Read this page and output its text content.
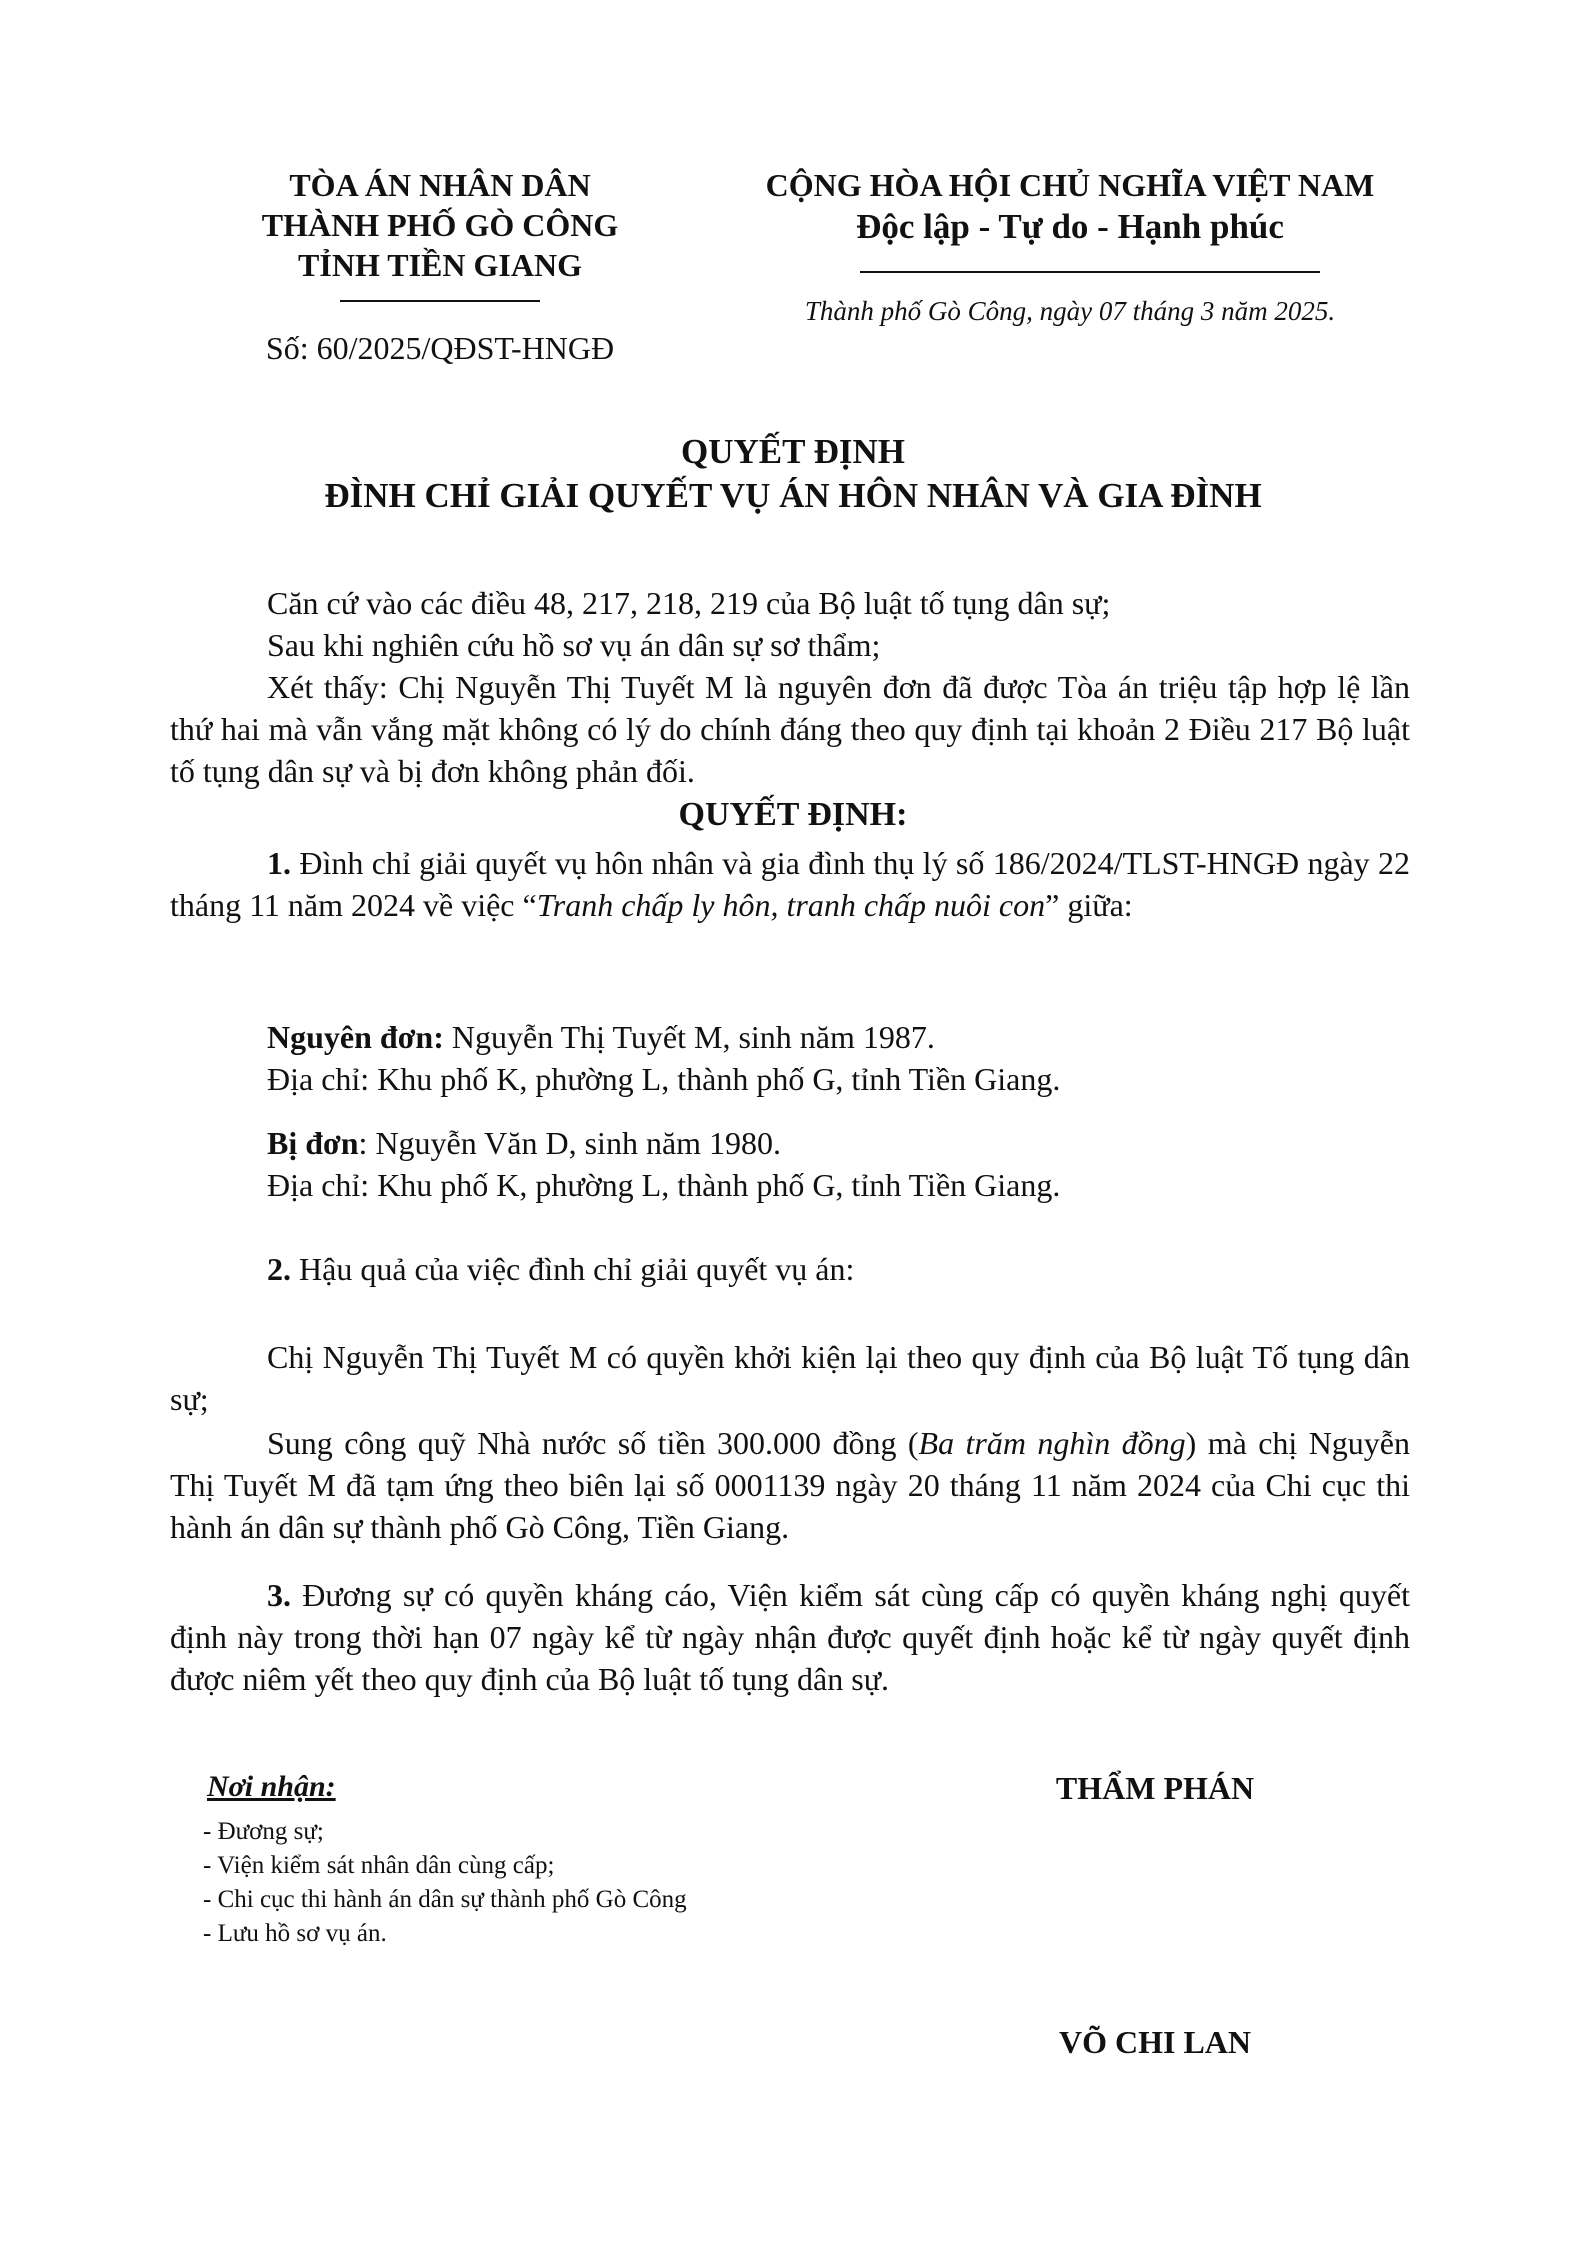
TÒA ÁN NHÂN DÂN
THÀNH PHỐ GÒ CÔNG
TỈNH TIỀN GIANG
Số: 60/2025/QĐST-HNGĐ
CỘNG HÒA HỘI CHỦ NGHĨA VIỆT NAM
Độc lập - Tự do - Hạnh phúc
Thành phố Gò Công, ngày 07 tháng 3 năm 2025.
QUYẾT ĐỊNH
ĐÌNH CHỈ GIẢI QUYẾT VỤ ÁN HÔN NHÂN VÀ GIA ĐÌNH

Căn cứ vào các điều 48, 217, 218, 219 của Bộ luật tố tụng dân sự;

Sau khi nghiên cứu hồ sơ vụ án dân sự sơ thẩm;

Xét thấy: Chị Nguyễn Thị Tuyết M là nguyên đơn đã được Tòa án triệu tập hợp lệ lần thứ hai mà vẫn vắng mặt không có lý do chính đáng theo quy định tại khoản 2 Điều 217 Bộ luật tố tụng dân sự và bị đơn không phản đối.

QUYẾT ĐỊNH:

1. Đình chỉ giải quyết vụ hôn nhân và gia đình thụ lý số 186/2024/TLST-HNGĐ ngày 22 tháng 11 năm 2024 về việc “Tranh chấp ly hôn, tranh chấp nuôi con” giữa:

Nguyên đơn: Nguyễn Thị Tuyết M, sinh năm 1987.

Địa chỉ: Khu phố K, phường L, thành phố G, tỉnh Tiền Giang.

Bị đơn: Nguyễn Văn D, sinh năm 1980.

Địa chỉ: Khu phố K, phường L, thành phố G, tỉnh Tiền Giang.

2. Hậu quả của việc đình chỉ giải quyết vụ án:

Chị Nguyễn Thị Tuyết M có quyền khởi kiện lại theo quy định của Bộ luật Tố tụng dân sự;

Sung công quỹ Nhà nước số tiền 300.000 đồng (Ba trăm nghìn đồng) mà chị Nguyễn Thị Tuyết M đã tạm ứng theo biên lại số 0001139 ngày 20 tháng 11 năm 2024 của Chi cục thi hành án dân sự thành phố Gò Công, Tiền Giang.

3. Đương sự có quyền kháng cáo, Viện kiểm sát cùng cấp có quyền kháng nghị quyết định này trong thời hạn 07 ngày kể từ ngày nhận được quyết định hoặc kể từ ngày quyết định được niêm yết theo quy định của Bộ luật tố tụng dân sự.

Nơi nhận:
- Đương sự;
- Viện kiểm sát nhân dân cùng cấp;
- Chi cục thi hành án dân sự thành phố Gò Công
- Lưu hồ sơ vụ án.
THẨM PHÁN
VÕ CHI LAN
